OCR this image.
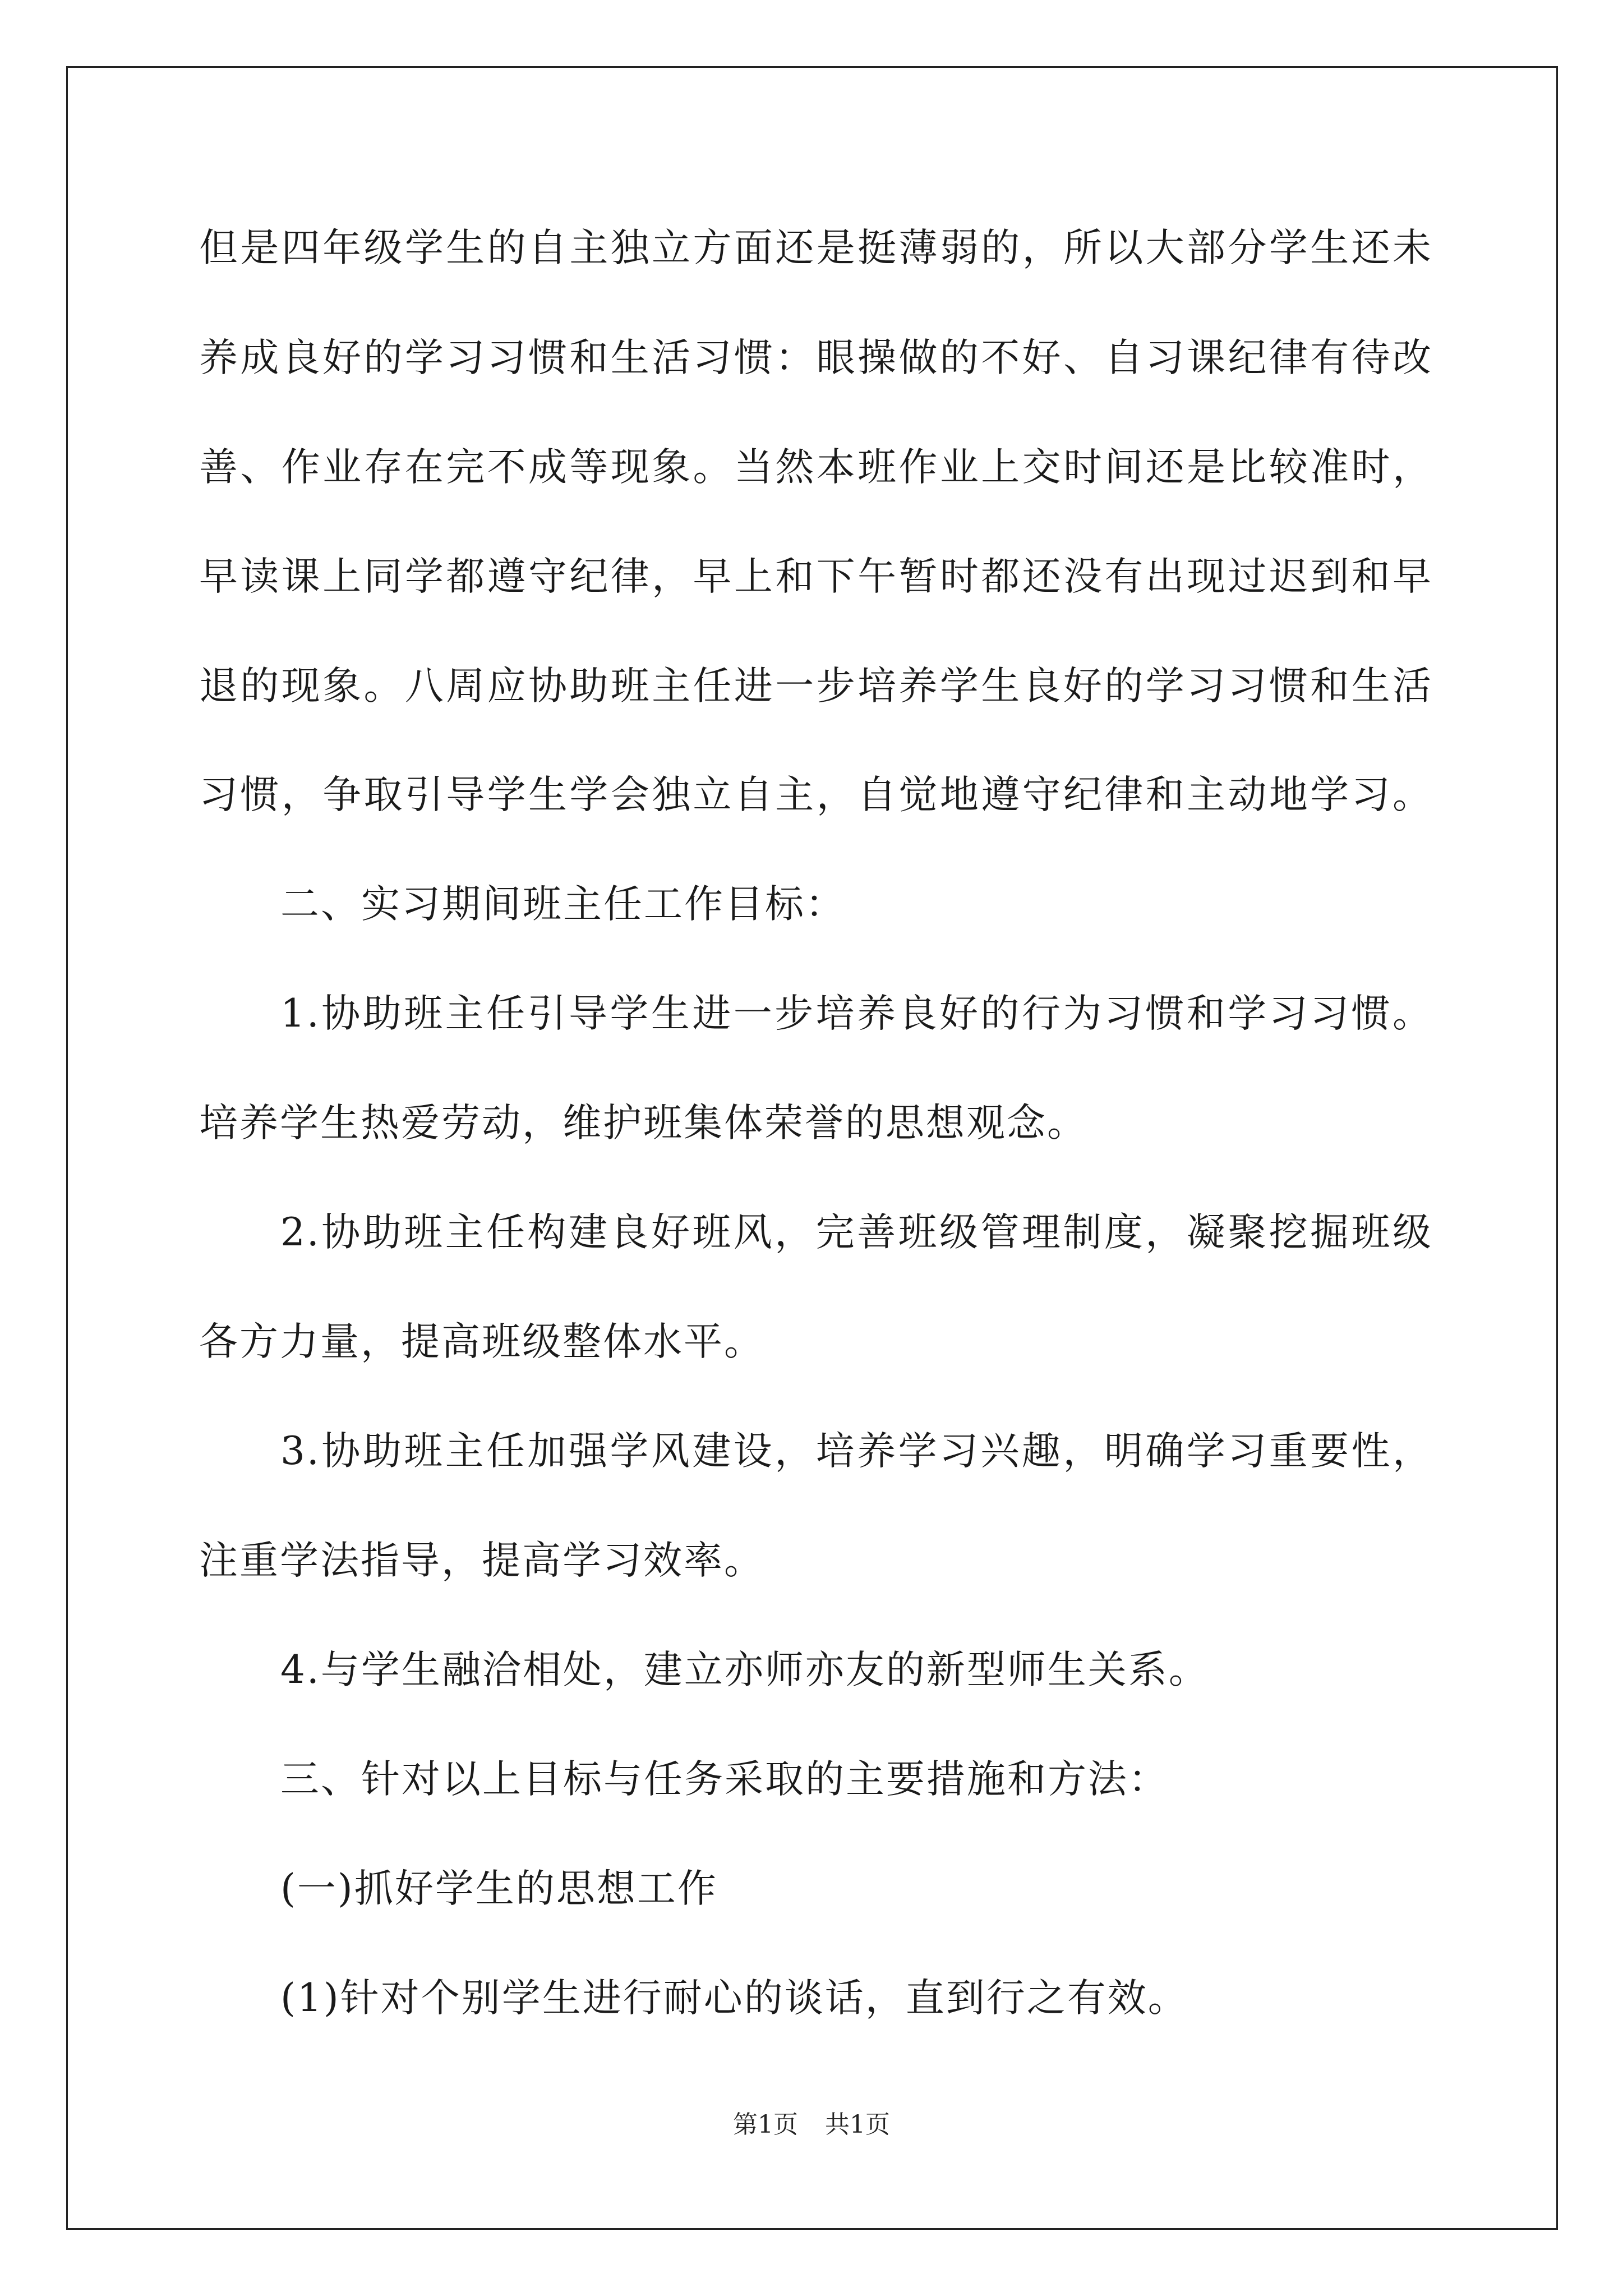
但是四年级学生的自主独立方面还是挺薄弱的，所以大部分学生还未
养成良好的学习习惯和生活习惯：眼操做的不好、自习课纪律有待改
善、作业存在完不成等现象。当然本班作业上交时间还是比较准时，
早读课上同学都遵守纪律，早上和下午暂时都还没有出现过迟到和早
退的现象。八周应协助班主任进一步培养学生良好的学习习惯和生活
习惯，争取引导学生学会独立自主，自觉地遵守纪律和主动地学习。
二、实习期间班主任工作目标：
1.协助班主任引导学生进一步培养良好的行为习惯和学习习惯。
培养学生热爱劳动，维护班集体荣誉的思想观念。
2.协助班主任构建良好班风，完善班级管理制度，凝聚挖掘班级
各方力量，提高班级整体水平。
3.协助班主任加强学风建设，培养学习兴趣，明确学习重要性，
注重学法指导，提高学习效率。
4.与学生融洽相处，建立亦师亦友的新型师生关系。
三、针对以上目标与任务采取的主要措施和方法：
(一)抓好学生的思想工作
(1)针对个别学生进行耐心的谈话，直到行之有效。
第1页 共1页
